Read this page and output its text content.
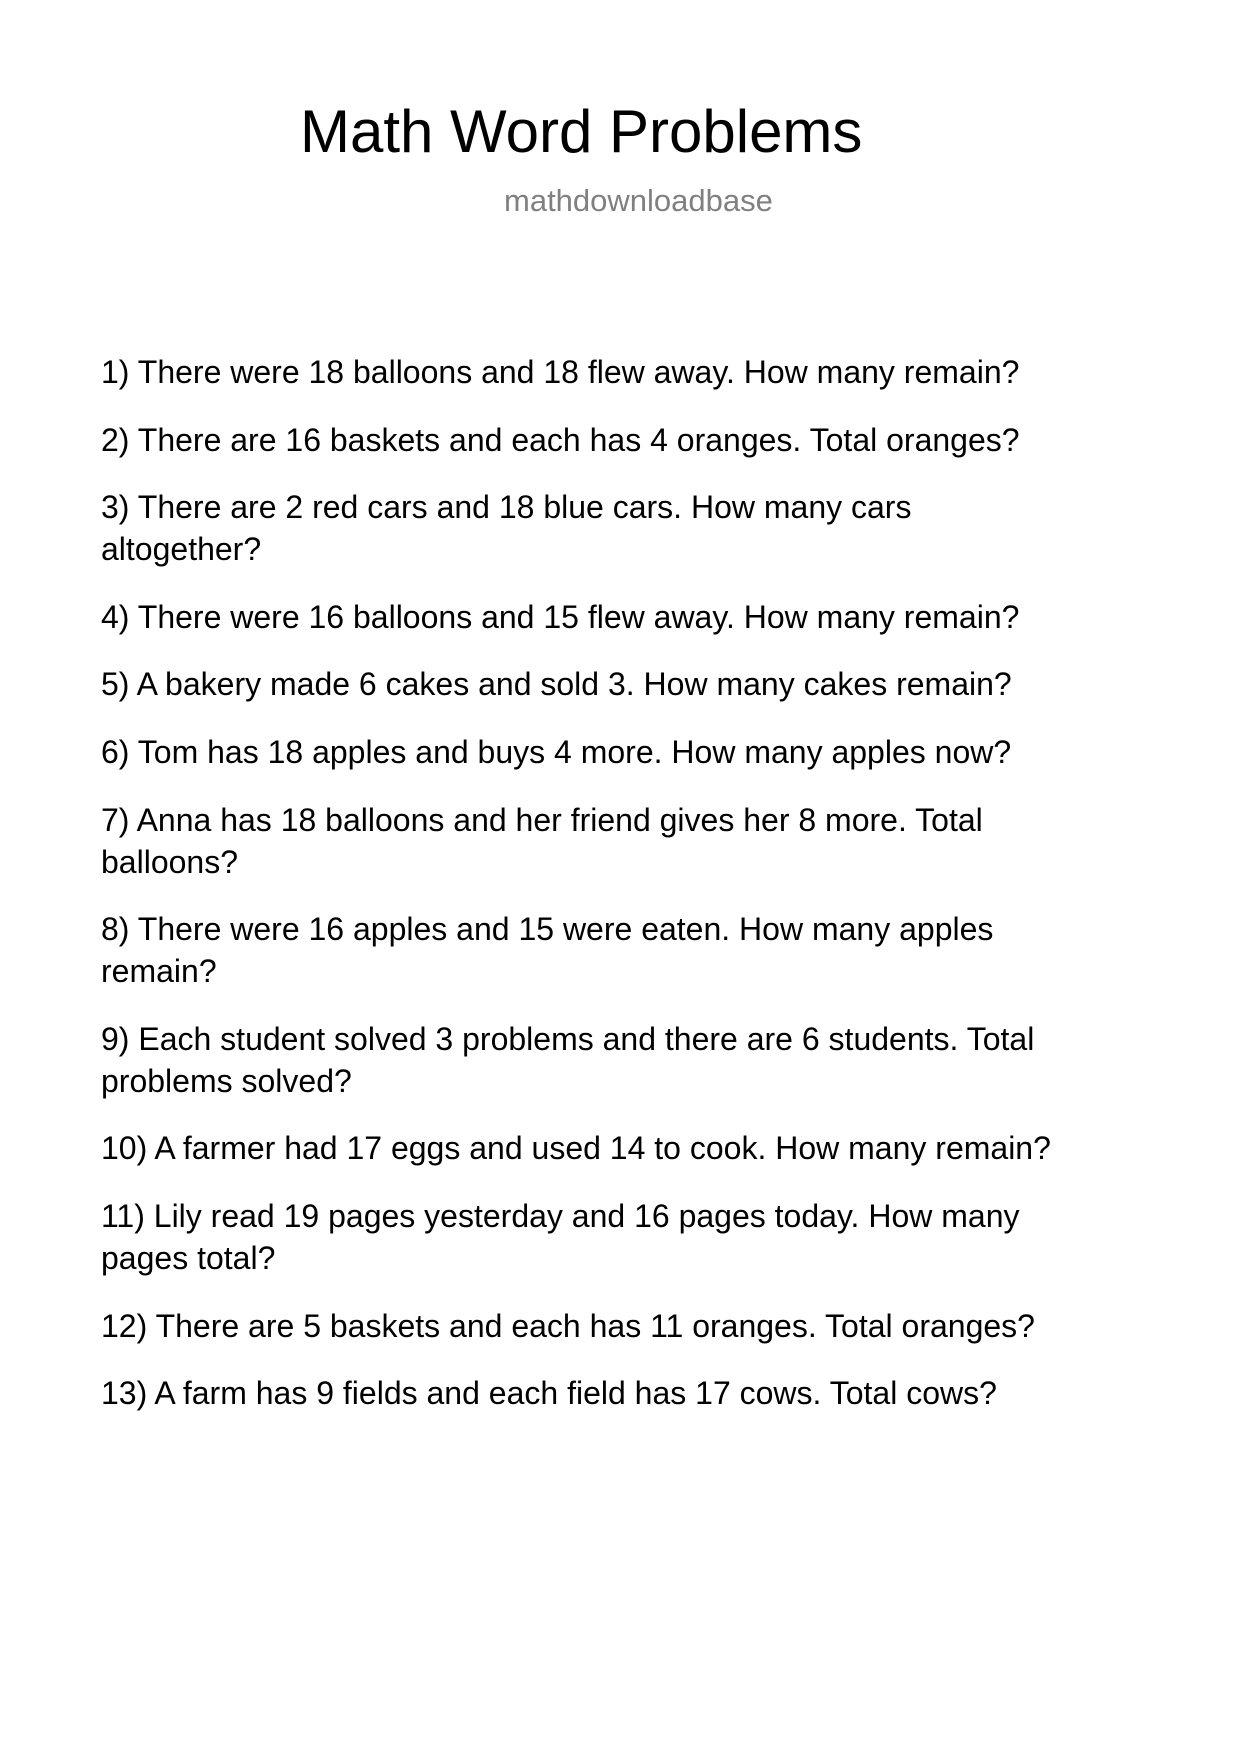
Math Word Problems
mathdownloadbase
1) There were 18 balloons and 18 flew away. How many remain?
2) There are 16 baskets and each has 4 oranges. Total oranges?
3) There are 2 red cars and 18 blue cars. How many cars
altogether?
4) There were 16 balloons and 15 flew away. How many remain?
5) A bakery made 6 cakes and sold 3. How many cakes remain?
6) Tom has 18 apples and buys 4 more. How many apples now?
7) Anna has 18 balloons and her friend gives her 8 more. Total
balloons?
8) There were 16 apples and 15 were eaten. How many apples
remain?
9) Each student solved 3 problems and there are 6 students. Total
problems solved?
10) A farmer had 17 eggs and used 14 to cook. How many remain?
11) Lily read 19 pages yesterday and 16 pages today. How many
pages total?
12) There are 5 baskets and each has 11 oranges. Total oranges?
13) A farm has 9 fields and each field has 17 cows. Total cows?
